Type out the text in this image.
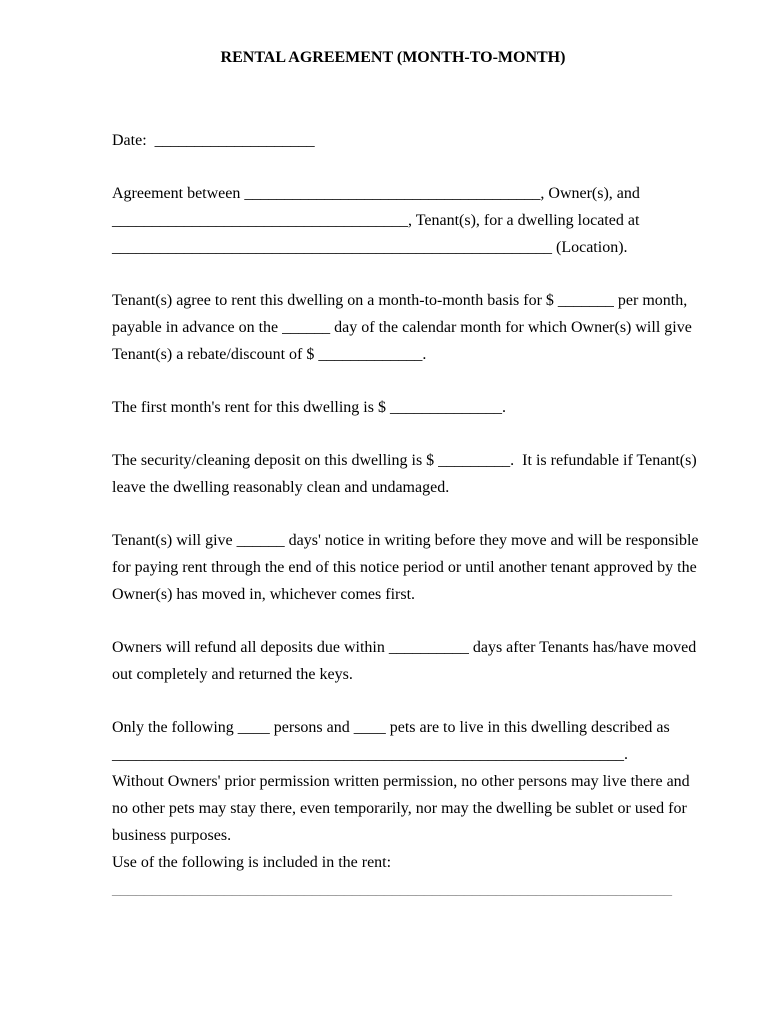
RENTAL AGREEMENT (MONTH-TO-MONTH)
Date:  ____________________
Agreement between _____________________________________, Owner(s), and
_____________________________________, Tenant(s), for a dwelling located at
_______________________________________________________ (Location).
Tenant(s) agree to rent this dwelling on a month-to-month basis for $ _______ per month,
payable in advance on the ______ day of the calendar month for which Owner(s) will give
Tenant(s) a rebate/discount of $ _____________.
The first month's rent for this dwelling is $ ______________.
The security/cleaning deposit on this dwelling is $ _________.  It is refundable if Tenant(s)
leave the dwelling reasonably clean and undamaged.
Tenant(s) will give ______ days' notice in writing before they move and will be responsible
for paying rent through the end of this notice period or until another tenant approved by the
Owner(s) has moved in, whichever comes first.
Owners will refund all deposits due within __________ days after Tenants has/have moved
out completely and returned the keys.
Only the following ____ persons and ____ pets are to live in this dwelling described as
________________________________________________________________.
Without Owners' prior permission written permission, no other persons may live there and
no other pets may stay there, even temporarily, nor may the dwelling be sublet or used for
business purposes.
Use of the following is included in the rent:
______________________________________________________________________
